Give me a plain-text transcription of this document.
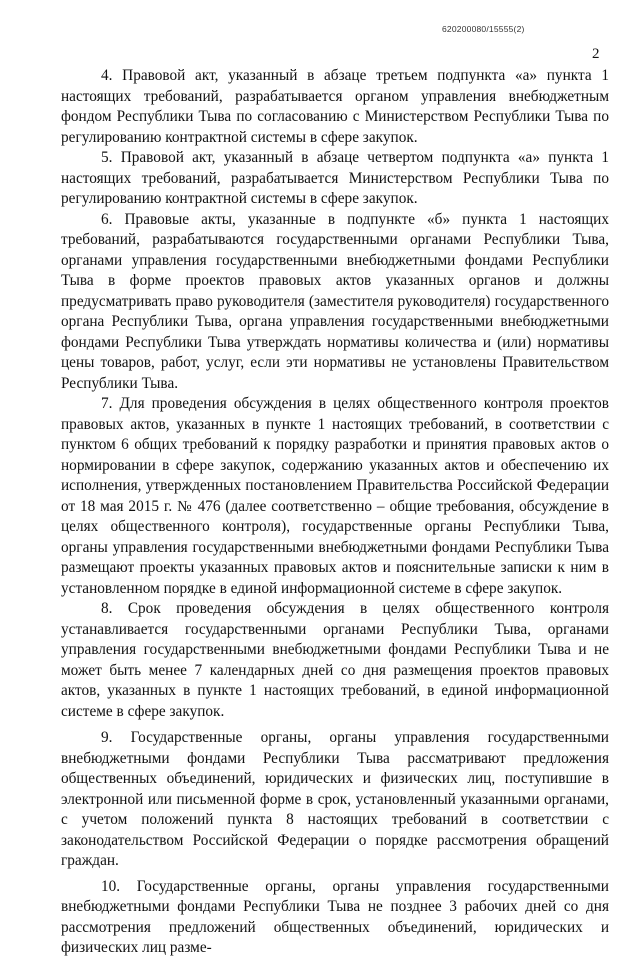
620200080/15555(2)
2

4. Правовой акт, указанный в абзаце третьем подпункта «а» пункта 1 настоящих требований, разрабатывается органом управления внебюджетным фондом Республики Тыва по согласованию с Министерством Республики Тыва по регулированию контрактной системы в сфере закупок.

5. Правовой акт, указанный в абзаце четвертом подпункта «а» пункта 1 настоящих требований, разрабатывается Министерством Республики Тыва по регулированию контрактной системы в сфере закупок.

6. Правовые акты, указанные в подпункте «б» пункта 1 настоящих требований, разрабатываются государственными органами Республики Тыва, органами управления государственными внебюджетными фондами Республики Тыва в форме проектов правовых актов указанных органов и должны предусматривать право руководителя (заместителя руководителя) государственного органа Республики Тыва, органа управления государственными внебюджетными фондами Республики Тыва утверждать нормативы количества и (или) нормативы цены товаров, работ, услуг, если эти нормативы не установлены Правительством Республики Тыва.

7. Для проведения обсуждения в целях общественного контроля проектов правовых актов, указанных в пункте 1 настоящих требований, в соответствии с пунктом 6 общих требований к порядку разработки и принятия правовых актов о нормировании в сфере закупок, содержанию указанных актов и обеспечению их исполнения, утвержденных постановлением Правительства Российской Федерации от 18 мая 2015 г. № 476 (далее соответственно – общие требования, обсуждение в целях общественного контроля), государственные органы Республики Тыва, органы управления государственными внебюджетными фондами Республики Тыва размещают проекты указанных правовых актов и пояснительные записки к ним в установленном порядке в единой информационной системе в сфере закупок.

8. Срок проведения обсуждения в целях общественного контроля устанавливается государственными органами Республики Тыва, органами управления государственными внебюджетными фондами Республики Тыва и не может быть менее 7 календарных дней со дня размещения проектов правовых актов, указанных в пункте 1 настоящих требований, в единой информационной системе в сфере закупок.

9. Государственные органы, органы управления государственными внебюджетными фондами Республики Тыва рассматривают предложения общественных объединений, юридических и физических лиц, поступившие в электронной или письменной форме в срок, установленный указанными органами, с учетом положений пункта 8 настоящих требований в соответствии с законодательством Российской Федерации о порядке рассмотрения обращений граждан.

10. Государственные органы, органы управления государственными внебюджетными фондами Республики Тыва не позднее 3 рабочих дней со дня рассмотрения предложений общественных объединений, юридических и физических лиц разме-
